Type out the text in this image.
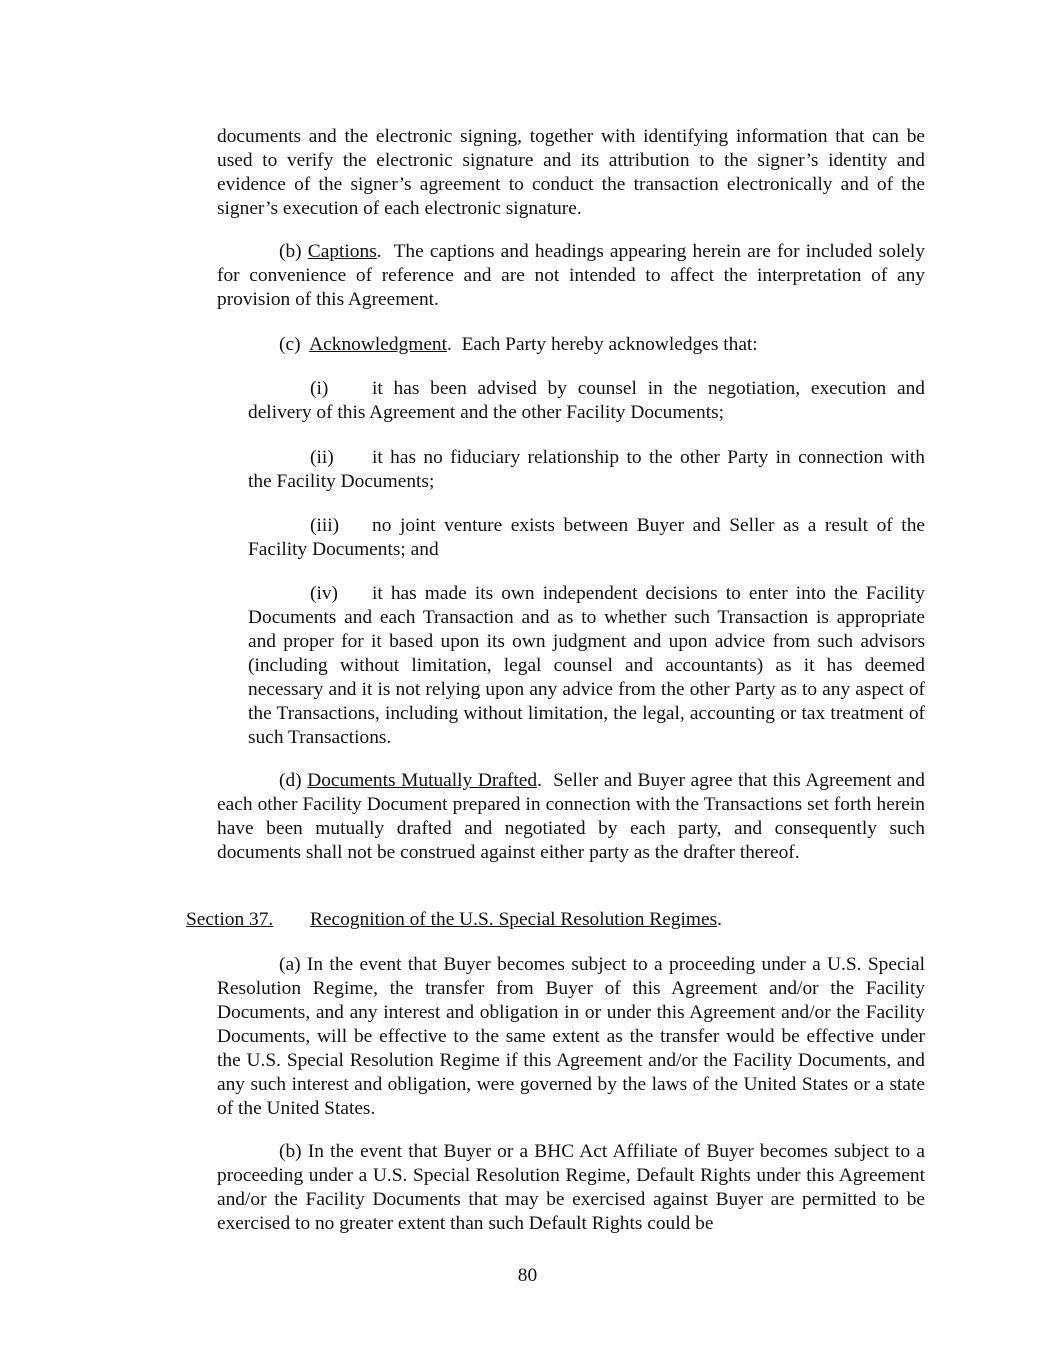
documents and the electronic signing, together with identifying information that can be used to verify the electronic signature and its attribution to the signer’s identity and evidence of the signer’s agreement to conduct the transaction electronically and of the signer’s execution of each electronic signature.

(b) Captions.  The captions and headings appearing herein are for included solely for convenience of reference and are not intended to affect the interpretation of any provision of this Agreement.

(c) Acknowledgment.  Each Party hereby acknowledges that:

(i) it has been advised by counsel in the negotiation, execution and delivery of this Agreement and the other Facility Documents;

(ii) it has no fiduciary relationship to the other Party in connection with the Facility Documents;

(iii) no joint venture exists between Buyer and Seller as a result of the Facility Documents; and

(iv) it has made its own independent decisions to enter into the Facility Documents and each Transaction and as to whether such Transaction is appropriate and proper for it based upon its own judgment and upon advice from such advisors (including without limitation, legal counsel and accountants) as it has deemed necessary and it is not relying upon any advice from the other Party as to any aspect of the Transactions, including without limitation, the legal, accounting or tax treatment of such Transactions.

(d) Documents Mutually Drafted.  Seller and Buyer agree that this Agreement and each other Facility Document prepared in connection with the Transactions set forth herein have been mutually drafted and negotiated by each party, and consequently such documents shall not be construed against either party as the drafter thereof.

Section 37. Recognition of the U.S. Special Resolution Regimes.

(a) In the event that Buyer becomes subject to a proceeding under a U.S. Special Resolution Regime, the transfer from Buyer of this Agreement and/or the Facility Documents, and any interest and obligation in or under this Agreement and/or the Facility Documents, will be effective to the same extent as the transfer would be effective under the U.S. Special Resolution Regime if this Agreement and/or the Facility Documents, and any such interest and obligation, were governed by the laws of the United States or a state of the United States.

(b) In the event that Buyer or a BHC Act Affiliate of Buyer becomes subject to a proceeding under a U.S. Special Resolution Regime, Default Rights under this Agreement and/or the Facility Documents that may be exercised against Buyer are permitted to be exercised to no greater extent than such Default Rights could be

80
